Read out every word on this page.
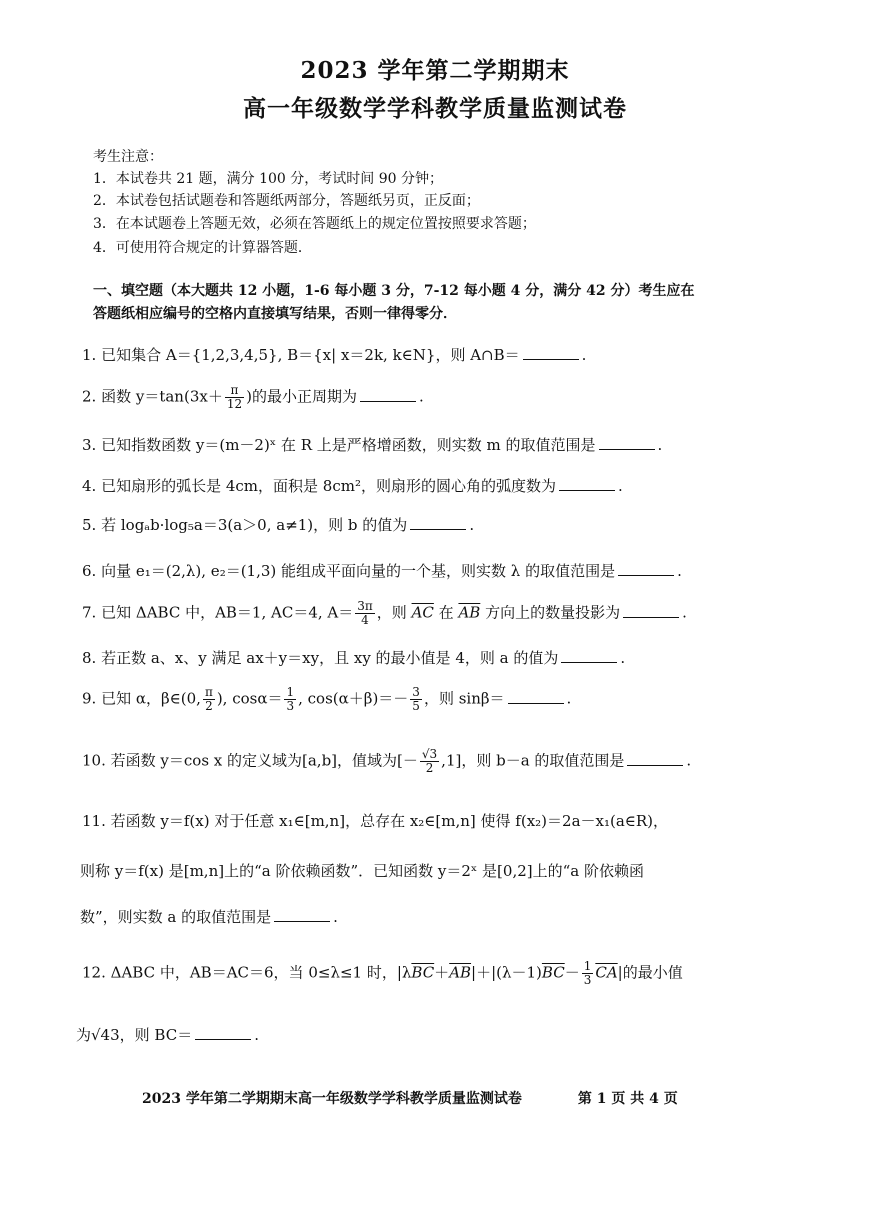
2023 学年第二学期期末
高一年级数学学科教学质量监测试卷
考生注意：
1．本试卷共 21 题，满分 100 分，考试时间 90 分钟；
2．本试卷包括试题卷和答题纸两部分，答题纸另页，正反面；
3．在本试题卷上答题无效，必须在答题纸上的规定位置按照要求答题；
4．可使用符合规定的计算器答题．
一、填空题（本大题共 12 小题，1-6 每小题 3 分，7-12 每小题 4 分，满分 42 分）考生应在
答题纸相应编号的空格内直接填写结果，否则一律得零分．
1. 已知集合 A＝{1,2,3,4,5}, B＝{x| x＝2k, k∈N}，则 A∩B＝	.
2. 函数 $y=\tan(3x+ \frac{\pi}{12}$ )的最小正周期为	.
3. 已知指数函数 y＝(m－2)ˣ 在 R 上是严格增函数，则实数 m 的取值范围是	.
4. 已知扇形的弧长是 4cm，面积是 8cm²，则扇形的圆心角的弧度数为	.
5. 若 logₐb·log₅a＝3(a＞0, a≠1)，则 b 的值为	.
6. 向量 e₁＝(2,λ), e₂＝(1,3) 能组成平面向量的一个基，则实数 λ 的取值范围是	.
7. 已知 ΔABC 中，AB＝1, AC＝4, $A= \frac{3\pi}{4}$ ，则 $\overline{AC}$ 在 $\overline{AB}$ 方向上的数量投影为	.
8. 若正数 a、x、y 满足 ax＋y＝xy，且 xy 的最小值是 4，则 a 的值为	.
9. 已知 α，β∈(0, $\frac{\pi}{2}$ ), $\cos\alpha= \frac{1}{3}$ , $\cos(\alpha+\beta)=- \frac{3}{5}$ ，则 sinβ＝	.
10. 若函数 y＝cos x 的定义域为[a,b]，值域为[－ $\frac{√3}{2} ,1$]，则 b－a 的取值范围是	.
11. 若函数 y＝f(x) 对于任意 x₁∈[m,n]，总存在 x₂∈[m,n] 使得 f(x₂)＝2a－x₁(a∈R)，
则称 y＝f(x) 是[m,n]上的“a 阶依赖函数”．已知函数 y＝2ˣ 是[0,2]上的“a 阶依赖函
数”，则实数 a 的取值范围是	.
12. ΔABC 中，AB＝AC＝6，当 0≤λ≤1 时，$|\lambda\overline{BC}+\overline{AB}|+|(\lambda-1)\overline{BC}- \frac{1}{3} \overline{CA}|$的最小值
为√43，则 BC＝	.
2023 学年第二学期期末高一年级数学学科教学质量监测试卷	第 1 页 共 4 页
